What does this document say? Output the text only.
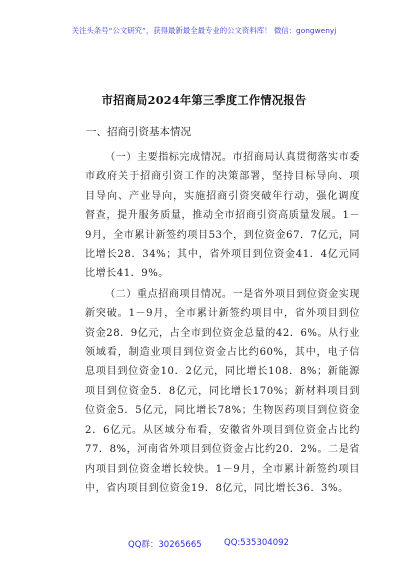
关注头条号“公文研究”，获得最新最全最专业的公文资料库！ 微信：gongwenyj
市招商局2024年第三季度工作情况报告
一、招商引资基本情况

（一）主要指标完成情况。市招商局认真贯彻落实市委市政府关于招商引资工作的决策部署，坚持目标导向、项目导向、产业导向，实施招商引资突破年行动，强化调度督查，提升服务质量，推动全市招商引资高质量发展。1－9月，全市累计新签约项目53个，到位资金67．7亿元，同比增长28．34%；其中，省外项目到位资金41．4亿元同比增长41．9%。

（二）重点招商项目情况。一是省外项目到位资金实现新突破。1－9月，全市累计新签约项目中，省外项目到位资金28．9亿元，占全市到位资金总量的42．6%。从行业领域看，制造业项目到位资金占比约60%，其中，电子信息项目到位资金10．2亿元，同比增长108．8%；新能源项目到位资金5．8亿元，同比增长170%；新材料项目到位资金5．5亿元，同比增长78%；生物医药项目到位资金2．6亿元。从区域分布看，安徽省外项目到位资金占比约77．8%，河南省外项目到位资金占比约20．2%。二是省内项目到位资金增长较快。1－9月，全市累计新签约项目中，省内项目到位资金19．8亿元，同比增长36．3%。

QQ群：30265665	QQ:535304092
